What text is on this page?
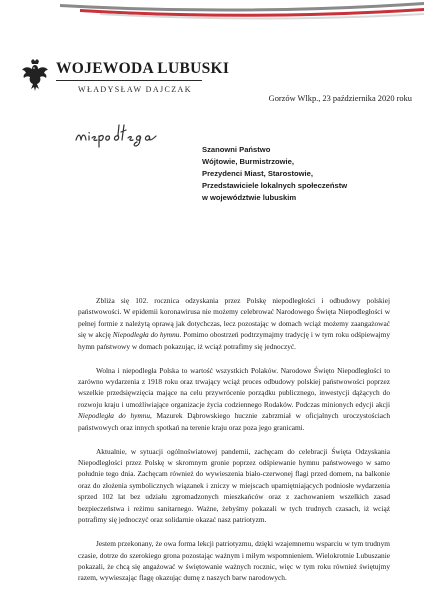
WOJEWODA LUBUSKI
WŁADYSŁAW DAJCZAK
Gorzów Wlkp., 23 października 2020 roku
Szanowni Państwo
Wójtowie, Burmistrzowie,
Prezydenci Miast, Starostowie,
Przedstawiciele lokalnych społeczeństw
w województwie lubuskim

Zbliża się 102. rocznica odzyskania przez Polskę niepodległości i odbudowy polskiej państwowości. W epidemii koronawirusa nie możemy celebrować Narodowego Święta Niepodległości w pełnej formie z należytą oprawą jak dotychczas, lecz pozostając w domach wciąż możemy zaangażować się w akcję Niepodległa do hymnu. Pomimo obostrzeń podtrzymajmy tradycję i w tym roku odśpiewajmy hymn państwowy w domach pokazując, iż wciąż potrafimy się jednoczyć.

Wolna i niepodległa Polska to wartość wszystkich Polaków. Narodowe Święto Niepodległości to zarówno wydarzenia z 1918 roku oraz trwający wciąż proces odbudowy polskiej państwowości poprzez wszelkie przedsięwzięcia mające na celu przywrócenie porządku publicznego, inwestycji dążących do rozwoju kraju i umożliwiające organizacje życia codziennego Rodaków. Podczas minionych edycji akcji Niepodległa do hymnu, Mazurek Dąbrowskiego hucznie zabrzmiał w oficjalnych uroczystościach państwowych oraz innych spotkań na terenie kraju oraz poza jego granicami.

Aktualnie, w sytuacji ogólnoświatowej pandemii, zachęcam do celebracji Święta Odzyskania Niepodległości przez Polskę w skromnym gronie poprzez odśpiewanie hymnu państwowego w samo południe tego dnia. Zachęcam również do wywieszenia biało-czerwonej flagi przed domem, na balkonie oraz do złożenia symbolicznych wiązanek i zniczy w miejscach upamiętniających podniosłe wydarzenia sprzed 102 lat bez udziału zgromadzonych mieszkańców oraz z zachowaniem wszelkich zasad bezpieczeństwa i reżimu sanitarnego. Ważne, żebyśmy pokazali w tych trudnych czasach, iż wciąż potrafimy się jednoczyć oraz solidarnie okazać nasz patriotyzm.

Jestem przekonany, że owa forma lekcji patriotyzmu, dzięki wzajemnemu wsparciu w tym trudnym czasie, dotrze do szerokiego grona pozostając ważnym i miłym wspomnieniem. Wielokrotnie Lubuszanie pokazali, że chcą się angażować w świętowanie ważnych rocznic, więc w tym roku również świętujmy razem, wywieszając flagę okazując dumę z naszych barw narodowych.
